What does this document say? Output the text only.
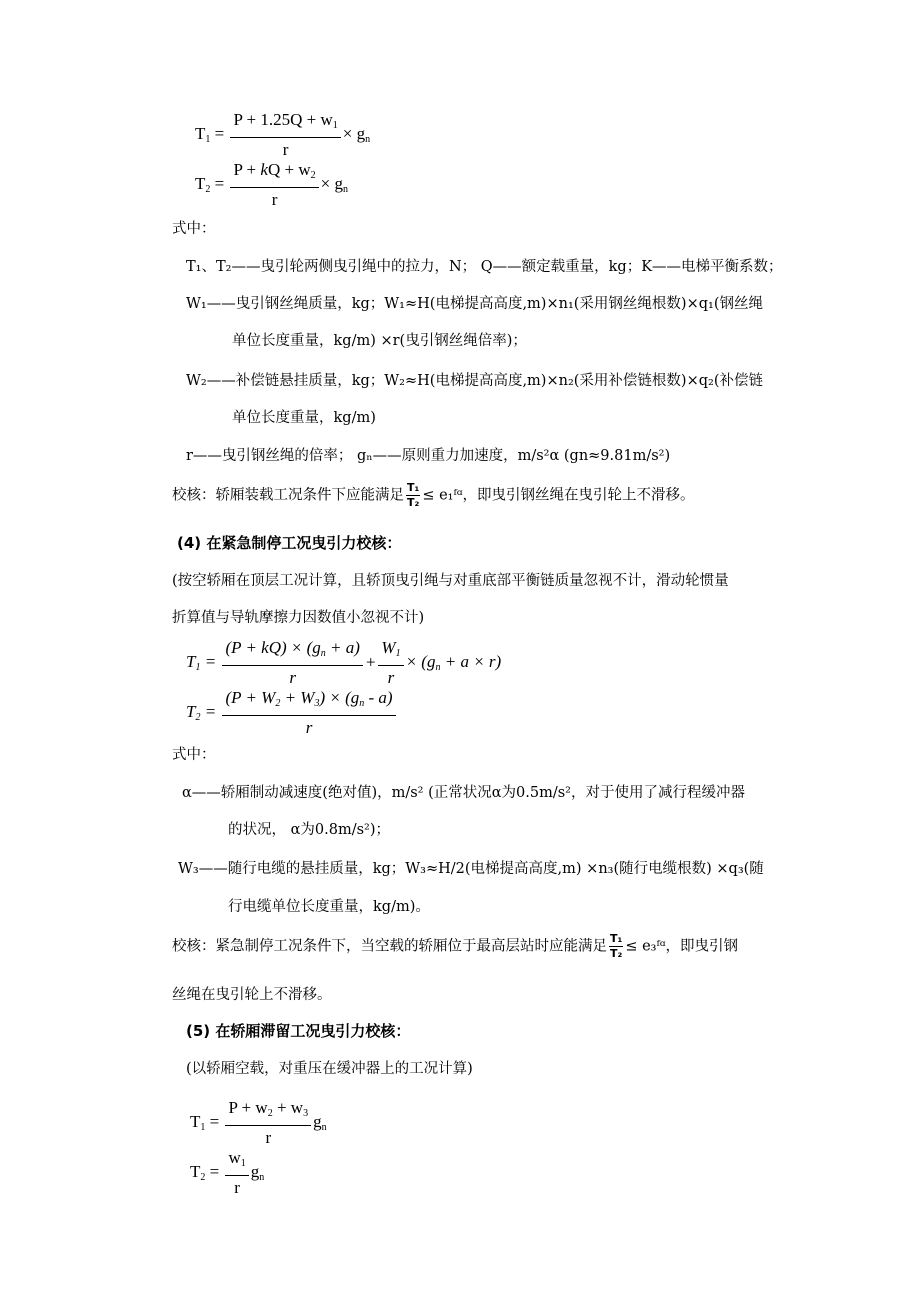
$T1 = \frac{P + 1.25Q + w1}{r}$ × gn
$T2 = \frac{P + kQ + w2}{r}$ × gn
式中：
T₁、T₂——曳引轮两侧曳引绳中的拉力，N； Q——额定载重量，kg；K——电梯平衡系数；
W₁——曳引钢丝绳质量，kg；W₁≈H(电梯提高高度,m)×n₁(采用钢丝绳根数)×q₁(钢丝绳
单位长度重量，kg/m) ×r(曳引钢丝绳倍率)；
W₂——补偿链悬挂质量，kg；W₂≈H(电梯提高高度,m)×n₂(采用补偿链根数)×q₂(补偿链
单位长度重量，kg/m)
r——曳引钢丝绳的倍率； gₙ——原则重力加速度，m/s²α (gn≈9.81m/s²)
校核：轿厢装载工况条件下应能满足 $\frac{\text{T₁}}{\text{T₂}}$ ≤ e₁ᶠᵅ，即曳引钢丝绳在曳引轮上不滑移。
(4) 在紧急制停工况曳引力校核：
(按空轿厢在顶层工况计算，且轿顶曳引绳与对重底部平衡链质量忽视不计，滑动轮惯量
折算值与导轨摩擦力因数值小忽视不计)
$T1 = \frac{(P + kQ) \times (gn + a)}{r} + \frac{W1}{r} \times (gn + a \times r)$
$T2 = \frac{(P + W2 + W3) \times (gn - a)}{r}$
式中：
α——轿厢制动减速度(绝对值)，m/s² (正常状况α为0.5m/s²，对于使用了减行程缓冲器
的状况， α为0.8m/s²)；
W₃——随行电缆的悬挂质量，kg；W₃≈H/2(电梯提高高度,m) ×n₃(随行电缆根数) ×q₃(随
行电缆单位长度重量，kg/m)。
校核：紧急制停工况条件下，当空载的轿厢位于最高层站时应能满足 $\frac{\text{T₁}}{\text{T₂}}$ ≤ e₃ᶠᵅ，即曳引钢
丝绳在曳引轮上不滑移。
(5) 在轿厢滞留工况曳引力校核：
(以轿厢空载，对重压在缓冲器上的工况计算)
$T1 = \frac{P + w2 + w3}{r}$ gn
$T2 = \frac{w1}{r}$ gn
